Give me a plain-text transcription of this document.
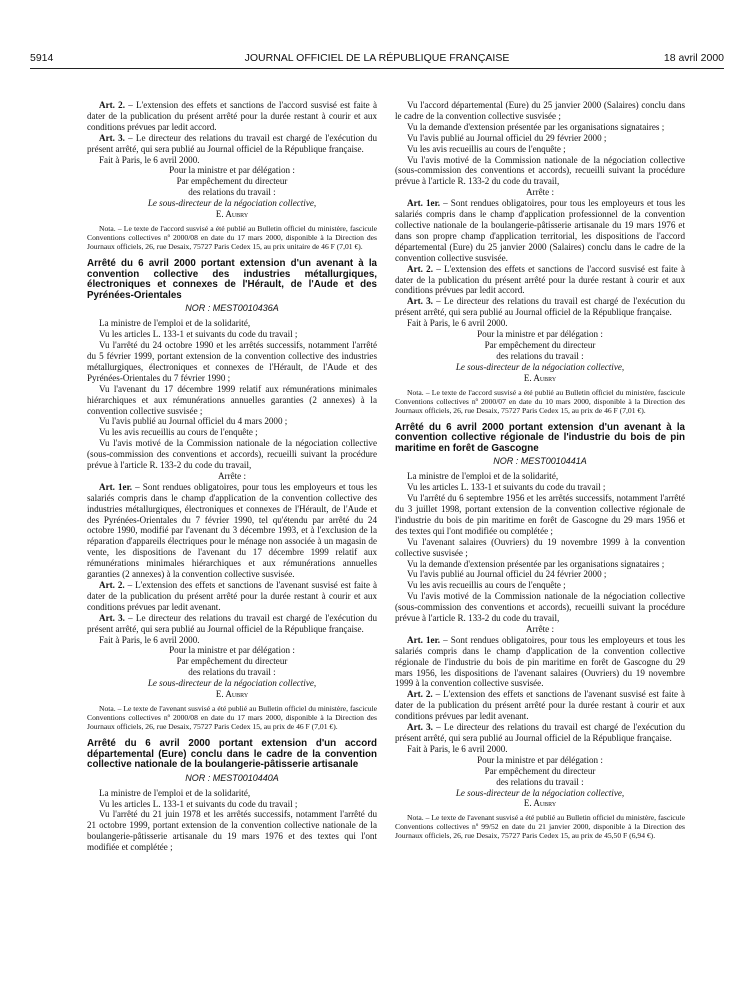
5914	JOURNAL OFFICIEL DE LA RÉPUBLIQUE FRANÇAISE	18 avril 2000

Art. 2. – L'extension des effets et sanctions de l'accord susvisé est faite à dater de la publication du présent arrêté pour la durée restant à courir et aux conditions prévues par ledit accord.

Art. 3. – Le directeur des relations du travail est chargé de l'exécution du présent arrêté, qui sera publié au Journal officiel de la République française.

Fait à Paris, le 6 avril 2000.

Pour la ministre et par délégation :

Par empêchement du directeur

des relations du travail :

Le sous-directeur de la négociation collective,

E. Aubry

Nota. – Le texte de l'accord susvisé a été publié au Bulletin officiel du ministère, fascicule Conventions collectives nº 2000/08 en date du 17 mars 2000, disponible à la Direction des Journaux officiels, 26, rue Desaix, 75727 Paris Cedex 15, au prix unitaire de 46 F (7,01 €).

Arrêté du 6 avril 2000 portant extension d'un avenant à la convention collective des industries métallurgiques, électroniques et connexes de l'Hérault, de l'Aude et des Pyrénées-Orientales

NOR : MEST0010436A

La ministre de l'emploi et de la solidarité,

Vu les articles L. 133-1 et suivants du code du travail ;

Vu l'arrêté du 24 octobre 1990 et les arrêtés successifs, notamment l'arrêté du 5 février 1999, portant extension de la convention collective des industries métallurgiques, électroniques et connexes de l'Hérault, de l'Aude et des Pyrénées-Orientales du 7 février 1990 ;

Vu l'avenant du 17 décembre 1999 relatif aux rémunérations minimales hiérarchiques et aux rémunérations annuelles garanties (2 annexes) à la convention collective susvisée ;

Vu l'avis publié au Journal officiel du 4 mars 2000 ;

Vu les avis recueillis au cours de l'enquête ;

Vu l'avis motivé de la Commission nationale de la négociation collective (sous-commission des conventions et accords), recueilli suivant la procédure prévue à l'article R. 133-2 du code du travail,

Arrête :

Art. 1er. – Sont rendues obligatoires, pour tous les employeurs et tous les salariés compris dans le champ d'application de la convention collective des industries métallurgiques, électroniques et connexes de l'Hérault, de l'Aude et des Pyrénées-Orientales du 7 février 1990, tel qu'étendu par arrêté du 24 octobre 1990, modifié par l'avenant du 3 décembre 1993, et à l'exclusion de la réparation d'appareils électriques pour le ménage non associée à un magasin de vente, les dispositions de l'avenant du 17 décembre 1999 relatif aux rémunérations minimales hiérarchiques et aux rémunérations annuelles garanties (2 annexes) à la convention collective susvisée.

Art. 2. – L'extension des effets et sanctions de l'avenant susvisé est faite à dater de la publication du présent arrêté pour la durée restant à courir et aux conditions prévues par ledit avenant.

Art. 3. – Le directeur des relations du travail est chargé de l'exécution du présent arrêté, qui sera publié au Journal officiel de la République française.

Fait à Paris, le 6 avril 2000.

Pour la ministre et par délégation :

Par empêchement du directeur

des relations du travail :

Le sous-directeur de la négociation collective,

E. Aubry

Nota. – Le texte de l'avenant susvisé a été publié au Bulletin officiel du ministère, fascicule Conventions collectives nº 2000/08 en date du 17 mars 2000, disponible à la Direction des Journaux officiels, 26, rue Desaix, 75727 Paris Cedex 15, au prix de 46 F (7,01 €).

Arrêté du 6 avril 2000 portant extension d'un accord départemental (Eure) conclu dans le cadre de la convention collective nationale de la boulangerie-pâtisserie artisanale

NOR : MEST0010440A

La ministre de l'emploi et de la solidarité,

Vu les articles L. 133-1 et suivants du code du travail ;

Vu l'arrêté du 21 juin 1978 et les arrêtés successifs, notamment l'arrêté du 21 octobre 1999, portant extension de la convention collective nationale de la boulangerie-pâtisserie artisanale du 19 mars 1976 et des textes qui l'ont modifiée et complétée ;

Vu l'accord départemental (Eure) du 25 janvier 2000 (Salaires) conclu dans le cadre de la convention collective susvisée ;

Vu la demande d'extension présentée par les organisations signataires ;

Vu l'avis publié au Journal officiel du 29 février 2000 ;

Vu les avis recueillis au cours de l'enquête ;

Vu l'avis motivé de la Commission nationale de la négociation collective (sous-commission des conventions et accords), recueilli suivant la procédure prévue à l'article R. 133-2 du code du travail,

Arrête :

Art. 1er. – Sont rendues obligatoires, pour tous les employeurs et tous les salariés compris dans le champ d'application professionnel de la convention collective nationale de la boulangerie-pâtisserie artisanale du 19 mars 1976 et dans son propre champ d'application territorial, les dispositions de l'accord départemental (Eure) du 25 janvier 2000 (Salaires) conclu dans le cadre de la convention collective susvisée.

Art. 2. – L'extension des effets et sanctions de l'accord susvisé est faite à dater de la publication du présent arrêté pour la durée restant à courir et aux conditions prévues par ledit accord.

Art. 3. – Le directeur des relations du travail est chargé de l'exécution du présent arrêté, qui sera publié au Journal officiel de la République française.

Fait à Paris, le 6 avril 2000.

Pour la ministre et par délégation :

Par empêchement du directeur

des relations du travail :

Le sous-directeur de la négociation collective,

E. Aubry

Nota. – Le texte de l'accord susvisé a été publié au Bulletin officiel du ministère, fascicule Conventions collectives nº 2000/07 en date du 10 mars 2000, disponible à la Direction des Journaux officiels, 26, rue Desaix, 75727 Paris Cedex 15, au prix de 46 F (7,01 €).

Arrêté du 6 avril 2000 portant extension d'un avenant à la convention collective régionale de l'industrie du bois de pin maritime en forêt de Gascogne

NOR : MEST0010441A

La ministre de l'emploi et de la solidarité,

Vu les articles L. 133-1 et suivants du code du travail ;

Vu l'arrêté du 6 septembre 1956 et les arrêtés successifs, notamment l'arrêté du 3 juillet 1998, portant extension de la convention collective régionale de l'industrie du bois de pin maritime en forêt de Gascogne du 29 mars 1956 et des textes qui l'ont modifiée ou complétée ;

Vu l'avenant salaires (Ouvriers) du 19 novembre 1999 à la convention collective susvisée ;

Vu la demande d'extension présentée par les organisations signataires ;

Vu l'avis publié au Journal officiel du 24 février 2000 ;

Vu les avis recueillis au cours de l'enquête ;

Vu l'avis motivé de la Commission nationale de la négociation collective (sous-commission des conventions et accords), recueilli suivant la procédure prévue à l'article R. 133-2 du code du travail,

Arrête :

Art. 1er. – Sont rendues obligatoires, pour tous les employeurs et tous les salariés compris dans le champ d'application de la convention collective régionale de l'industrie du bois de pin maritime en forêt de Gascogne du 29 mars 1956, les dispositions de l'avenant salaires (Ouvriers) du 19 novembre 1999 à la convention collective susvisée.

Art. 2. – L'extension des effets et sanctions de l'avenant susvisé est faite à dater de la publication du présent arrêté pour la durée restant à courir et aux conditions prévues par ledit avenant.

Art. 3. – Le directeur des relations du travail est chargé de l'exécution du présent arrêté, qui sera publié au Journal officiel de la République française.

Fait à Paris, le 6 avril 2000.

Pour la ministre et par délégation :

Par empêchement du directeur

des relations du travail :

Le sous-directeur de la négociation collective,

E. Aubry

Nota. – Le texte de l'avenant susvisé a été publié au Bulletin officiel du ministère, fascicule Conventions collectives nº 99/52 en date du 21 janvier 2000, disponible à la Direction des Journaux officiels, 26, rue Desaix, 75727 Paris Cedex 15, au prix de 45,50 F (6,94 €).
